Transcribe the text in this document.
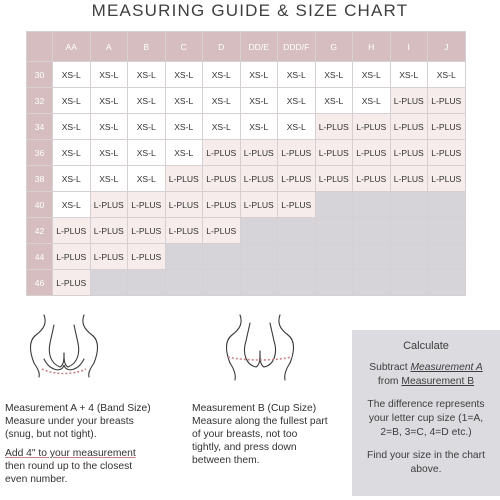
MEASURING GUIDE & SIZE CHART
	AA	A	B	C	D	DD/E	DDD/F	G	H	I	J
30	XS-L	XS-L	XS-L	XS-L	XS-L	XS-L	XS-L	XS-L	XS-L	XS-L	XS-L
32	XS-L	XS-L	XS-L	XS-L	XS-L	XS-L	XS-L	XS-L	XS-L	L-PLUS	L-PLUS
34	XS-L	XS-L	XS-L	XS-L	XS-L	XS-L	XS-L	L-PLUS	L-PLUS	L-PLUS	L-PLUS
36	XS-L	XS-L	XS-L	XS-L	L-PLUS	L-PLUS	L-PLUS	L-PLUS	L-PLUS	L-PLUS	L-PLUS
38	XS-L	XS-L	XS-L	L-PLUS	L-PLUS	L-PLUS	L-PLUS	L-PLUS	L-PLUS	L-PLUS	L-PLUS
40	XS-L	L-PLUS	L-PLUS	L-PLUS	L-PLUS	L-PLUS	L-PLUS				
42	L-PLUS	L-PLUS	L-PLUS	L-PLUS	L-PLUS						
44	L-PLUS	L-PLUS	L-PLUS								
46	L-PLUS										
Measurement A + 4 (Band Size)
Measure under your breasts
(snug, but not tight).
Add 4" to your measurement
then round up to the closest
even number.
Measurement B (Cup Size)
Measure along the fullest part
of your breasts, not too
tightly, and press down
between them.
Calculate

Subtract Measurement A
from Measurement B

The difference represents your letter cup size (1=A, 2=B, 3=C, 4=D etc.)

Find your size in the chart above.
